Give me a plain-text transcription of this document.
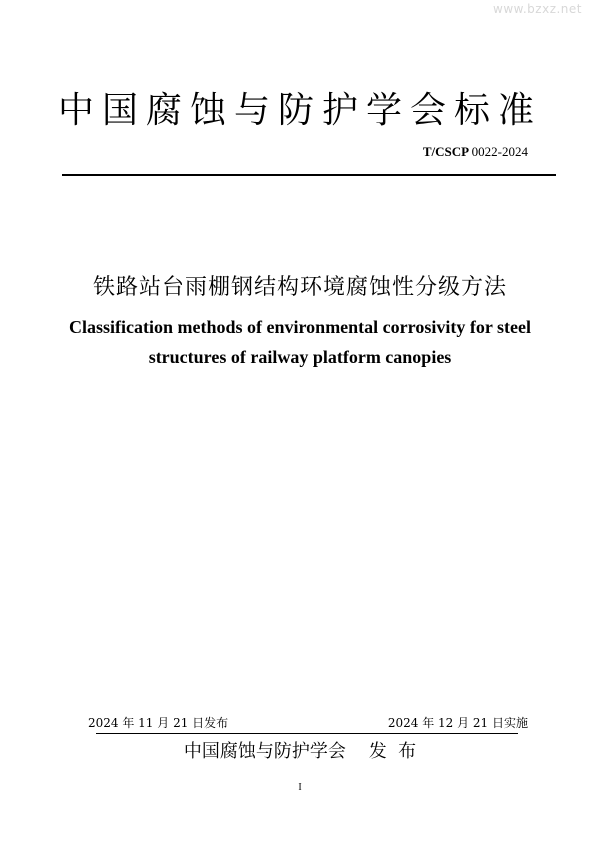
www.bzxz.net
中国腐蚀与防护学会标准
T/CSCP 0022-2024
铁路站台雨棚钢结构环境腐蚀性分级方法
Classification methods of environmental corrosivity for steel
structures of railway platform canopies
2024 年 11 月 21 日发布	2024 年 12 月 21 日实施
中国腐蚀与防护学会 发  布
I
